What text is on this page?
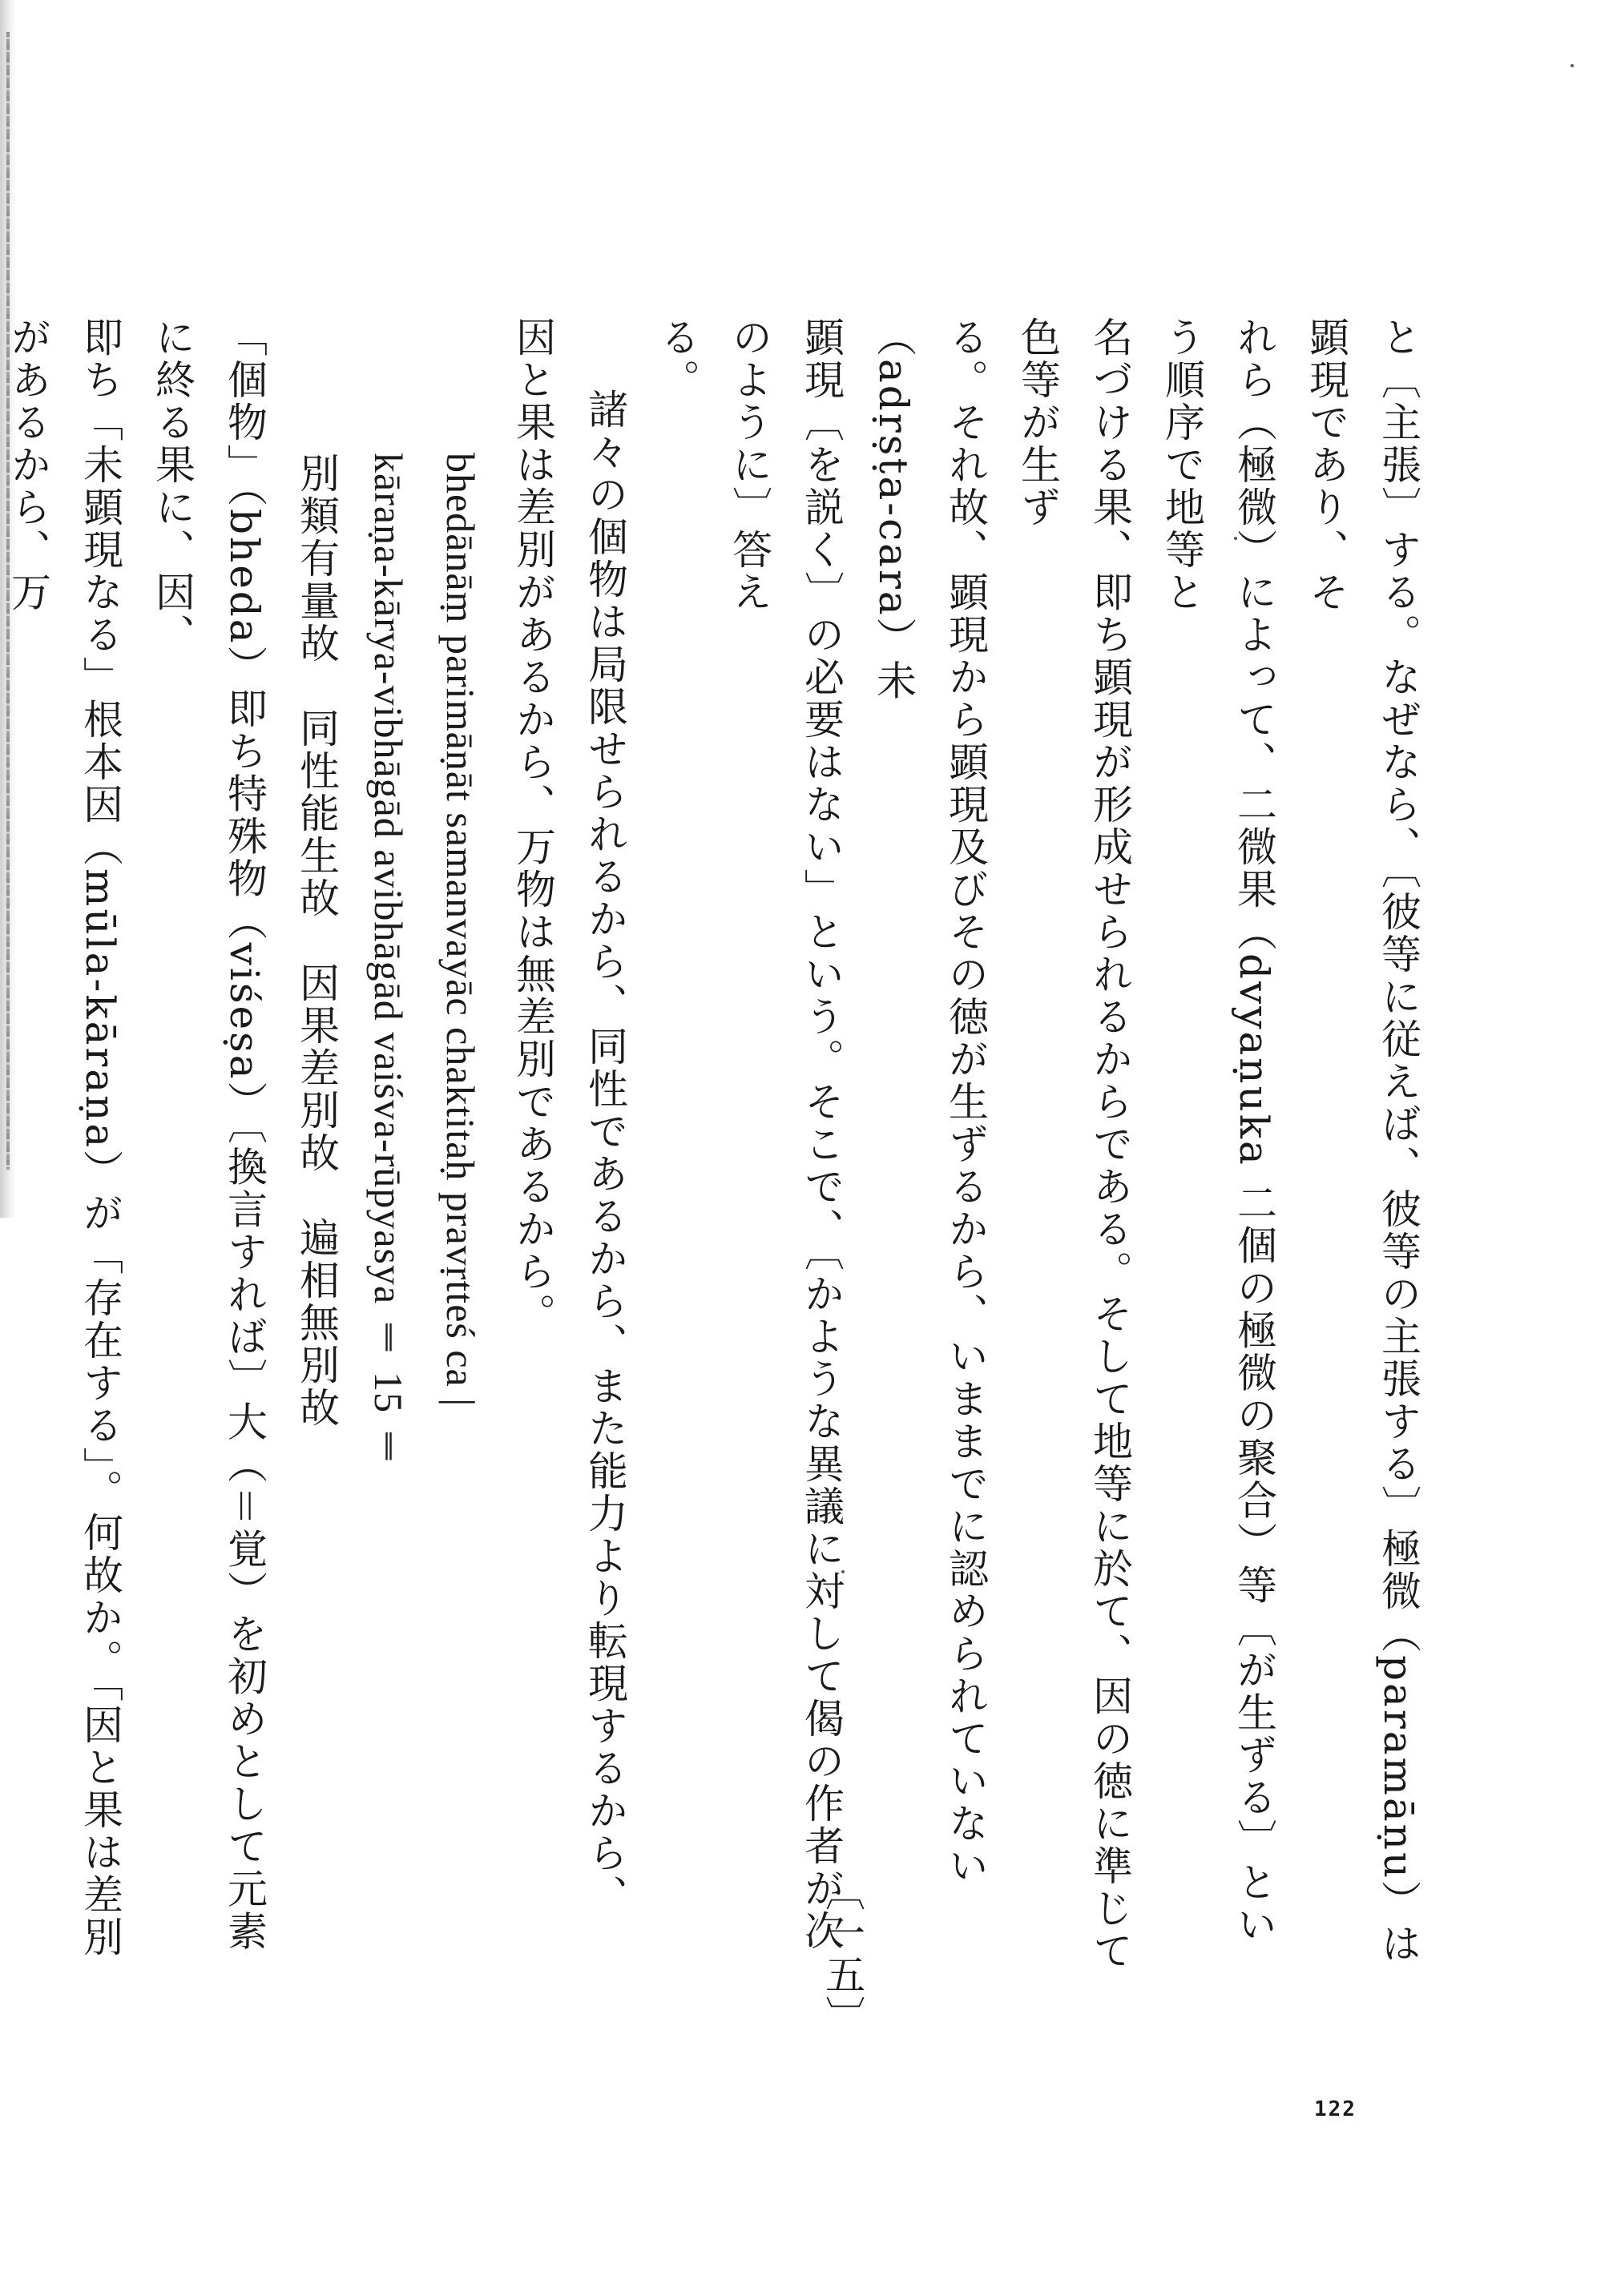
と〔主張〕する。なぜなら、〔彼等に従えば、彼等の主張する〕極微（paramāṇu）は顕現であり、そ

れら（極微）によって、二微果（dvyaṇuka 二個の極微の聚合）等〔が生ずる〕という順序で地等と

名づける果、即ち顕現が形成せられるからである。そして地等に於て、因の徳に準じて色等が生ず

る。それ故、顕現から顕現及びその徳が生ずるから、いままでに認められていない（adṛṣṭa-cara）未

顕現〔を説く〕の必要はない」という。そこで、〔かような異議に対して偈の作者が次のように〕答え

る。

諸々の個物は局限せられるから、同性であるから、また能力より転現するから、

因と果は差別があるから、万物は無差別であるから。

bhedānāṃ parimāṇāt samanvayāc chaktitaḥ pravṛtteś ca |

kāraṇa-kārya-vibhāgād avibhāgād vaiśva-rūpyasya ‖ 15 ‖

別類有量故　同性能生故　因果差別故　遍相無別故

「個物」（bheda）即ち特殊物（viśeṣa）〔換言すれば〕大（＝覚）を初めとして元素に終る果に、因、

即ち「未顕現なる」根本因（mūla-kāraṇa）が「存在する」。何故か。「因と果は差別があるから、万

〔一五〕
122
